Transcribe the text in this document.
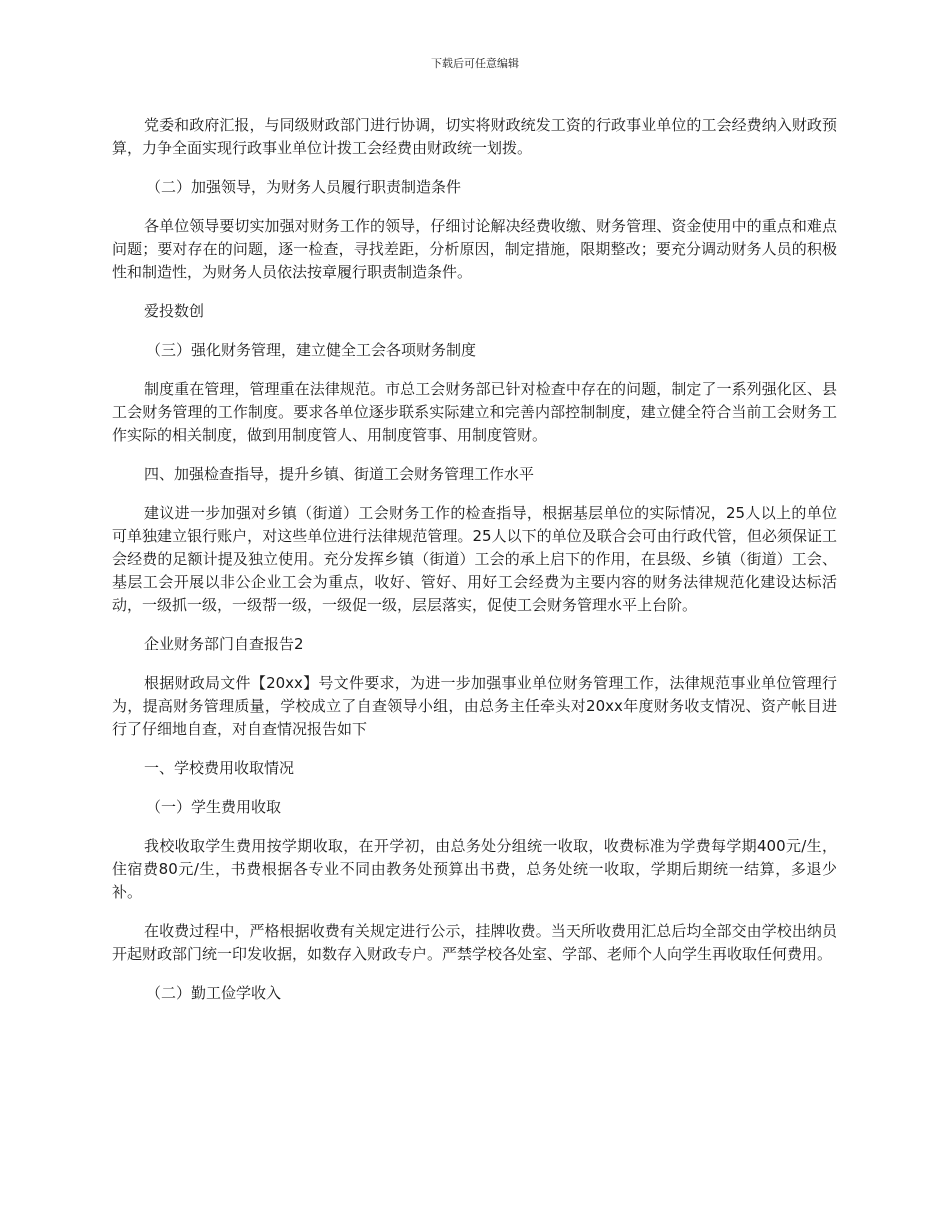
下载后可任意编辑

党委和政府汇报，与同级财政部门进行协调，切实将财政统发工资的行政事业单位的工会经费纳入财政预算，力争全面实现行政事业单位计拨工会经费由财政统一划拨。

（二）加强领导，为财务人员履行职责制造条件

各单位领导要切实加强对财务工作的领导，仔细讨论解决经费收缴、财务管理、资金使用中的重点和难点问题；要对存在的问题，逐一检查，寻找差距，分析原因，制定措施，限期整改；要充分调动财务人员的积极性和制造性，为财务人员依法按章履行职责制造条件。

爱投数创

（三）强化财务管理，建立健全工会各项财务制度

制度重在管理，管理重在法律规范。市总工会财务部已针对检查中存在的问题，制定了一系列强化区、县工会财务管理的工作制度。要求各单位逐步联系实际建立和完善内部控制制度，建立健全符合当前工会财务工作实际的相关制度，做到用制度管人、用制度管事、用制度管财。

四、加强检查指导，提升乡镇、街道工会财务管理工作水平

建议进一步加强对乡镇（街道）工会财务工作的检查指导，根据基层单位的实际情况，25人以上的单位可单独建立银行账户，对这些单位进行法律规范管理。25人以下的单位及联合会可由行政代管，但必须保证工会经费的足额计提及独立使用。充分发挥乡镇（街道）工会的承上启下的作用，在县级、乡镇（街道）工会、基层工会开展以非公企业工会为重点，收好、管好、用好工会经费为主要内容的财务法律规范化建设达标活动，一级抓一级，一级帮一级，一级促一级，层层落实，促使工会财务管理水平上台阶。

企业财务部门自查报告2

根据财政局文件【20xx】号文件要求，为进一步加强事业单位财务管理工作，法律规范事业单位管理行为，提高财务管理质量，学校成立了自查领导小组，由总务主任牵头对20xx年度财务收支情况、资产帐目进行了仔细地自查，对自查情况报告如下

一、学校费用收取情况

（一）学生费用收取

我校收取学生费用按学期收取，在开学初，由总务处分组统一收取，收费标准为学费每学期400元/生，住宿费80元/生，书费根据各专业不同由教务处预算出书费，总务处统一收取，学期后期统一结算，多退少补。

在收费过程中，严格根据收费有关规定进行公示，挂牌收费。当天所收费用汇总后均全部交由学校出纳员开起财政部门统一印发收据，如数存入财政专户。严禁学校各处室、学部、老师个人向学生再收取任何费用。

（二）勤工俭学收入
